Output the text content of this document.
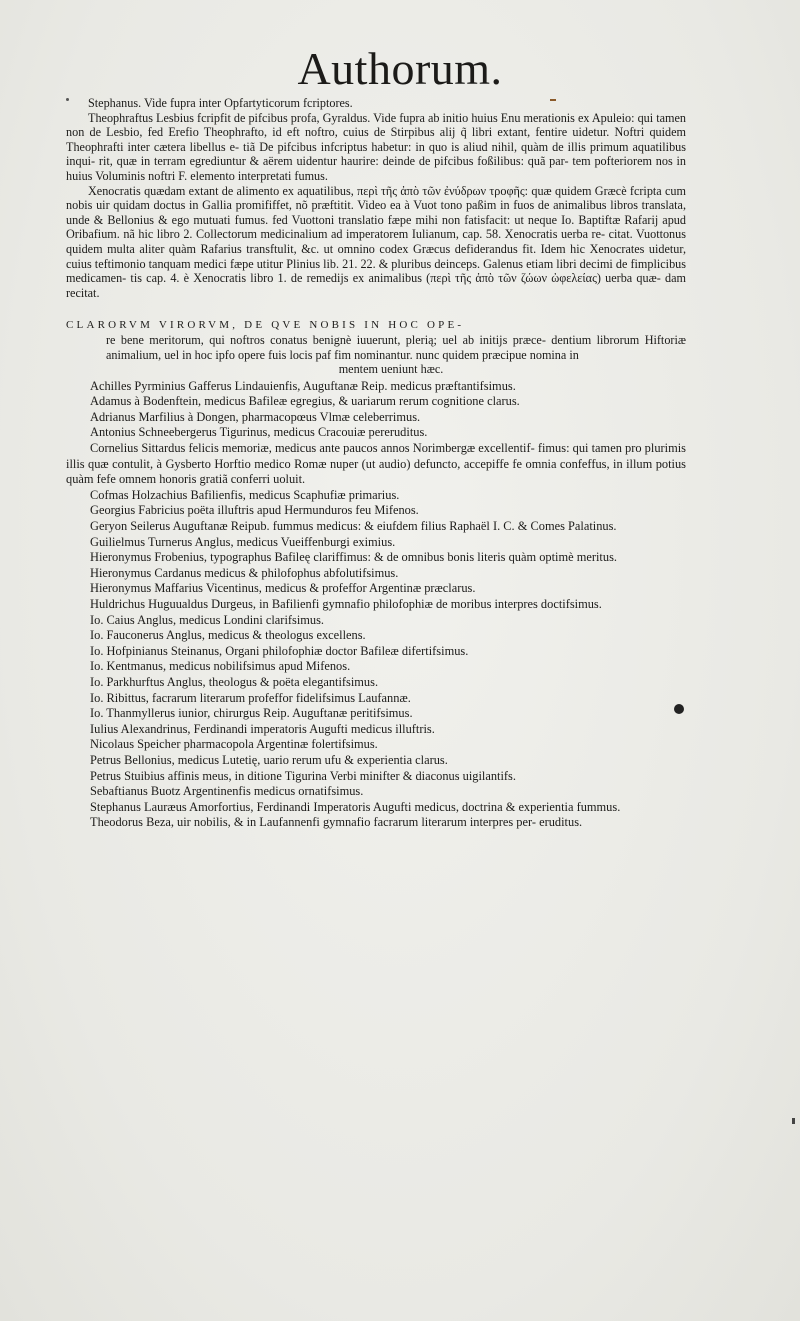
Authorum.

Stephanus. Vide fupra inter Opfartyticorum fcriptores.

Theophraftus Lesbius fcripfit de pifcibus profa, Gyraldus. Vide fupra ab initio huius Enu merationis ex Apuleio: qui tamen non de Lesbio, fed Erefio Theophrafto, id eft noftro, cuius de Stirpibus alij q̃ libri extant, fentire uidetur. Noftri quidem Theophrafti inter cætera libellus e- tiã De pifcibus infcriptus habetur: in quo is aliud nihil, quàm de illis primum aquatilibus inqui- rit, quæ in terram egrediuntur & aërem uidentur haurire: deinde de pifcibus foßilibus: quã par- tem pofteriorem nos in huius Voluminis noftri F. elemento interpretati fumus.

Xenocratis quædam extant de alimento ex aquatilibus, περὶ τῆς ἀπὸ τῶν ἐνύδρων τροφῆς: quæ quidem Græcè fcripta cum nobis uir quidam doctus in Gallia promififfet, nõ præftitit. Video ea à Vuot tono paßim in fuos de animalibus libros translata, unde & Bellonius & ego mutuati fumus. fed Vuottoni translatio fæpe mihi non fatisfacit: ut neque Io. Baptiftæ Rafarij apud Oribafium. nã hic libro 2. Collectorum medicinalium ad imperatorem Iulianum, cap. 58. Xenocratis uerba re- citat. Vuottonus quidem multa aliter quàm Rafarius transftulit, &c. ut omnino codex Græcus defiderandus fit. Idem hic Xenocrates uidetur, cuius teftimonio tanquam medici fæpe utitur Plinius lib. 21. 22. & pluribus deinceps. Galenus etiam libri decimi de fimplicibus medicamen- tis cap. 4. è Xenocratis libro 1. de remedijs ex animalibus (περὶ τῆς ἀπὸ τῶν ζώων ὠφελείας) uerba quæ- dam recitat.

CLARORVM VIRORVM, DE QVE NOBIS IN HOC OPE-
re bene meritorum, qui noftros conatus benignè iuuerunt, plerią; uel ab initijs præce- dentium librorum Hiftoriæ animalium, uel in hoc ipfo opere fuis locis paf fim nominantur. nunc quidem præcipue nomina in
mentem ueniunt hæc.

Achilles Pyrminius Gafferus Lindauienfis, Auguftanæ Reip. medicus præftantifsimus.

Adamus à Bodenftein, medicus Bafileæ egregius, & uariarum rerum cognitione clarus.

Adrianus Marfilius à Dongen, pharmacopœus Vlmæ celeberrimus.

Antonius Schneebergerus Tigurinus, medicus Cracouiæ pereruditus.

Cornelius Sittardus felicis memoriæ, medicus ante paucos annos Norimbergæ excellentif- fimus: qui tamen pro plurimis illis quæ contulit, à Gysberto Horftio medico Romæ nuper (ut audio) defuncto, accepiffe fe omnia confeffus, in illum potius quàm fefe omnem honoris gratiã conferri uoluit.

Cofmas Holzachius Bafilienfis, medicus Scaphufiæ primarius.

Georgius Fabricius poëta illuftris apud Hermunduros feu Mifenos.

Geryon Seilerus Auguftanæ Reipub. fummus medicus: & eiufdem filius Raphaël I. C. & Comes Palatinus.

Guilielmus Turnerus Anglus, medicus Vueiffenburgi eximius.

Hieronymus Frobenius, typographus Bafileę clariffimus: & de omnibus bonis literis quàm optimè meritus.

Hieronymus Cardanus medicus & philofophus abfolutifsimus.

Hieronymus Maffarius Vicentinus, medicus & profeffor Argentinæ præclarus.

Huldrichus Huguualdus Durgeus, in Bafilienfi gymnafio philofophiæ de moribus interpres doctifsimus.

Io. Caius Anglus, medicus Londini clarifsimus.

Io. Fauconerus Anglus, medicus & theologus excellens.

Io. Hofpinianus Steinanus, Organi philofophiæ doctor Bafileæ difertifsimus.

Io. Kentmanus, medicus nobilifsimus apud Mifenos.

Io. Parkhurftus Anglus, theologus & poëta elegantifsimus.

Io. Ribittus, facrarum literarum profeffor fidelifsimus Laufannæ.

Io. Thanmyllerus iunior, chirurgus Reip. Auguftanæ peritifsimus.

Iulius Alexandrinus, Ferdinandi imperatoris Augufti medicus illuftris.

Nicolaus Speicher pharmacopola Argentinæ folertifsimus.

Petrus Bellonius, medicus Lutetię, uario rerum ufu & experientia clarus.

Petrus Stuibius affinis meus, in ditione Tigurina Verbi minifter & diaconus uigilantifs.

Sebaftianus Buotz Argentinenfis medicus ornatifsimus.

Stephanus Lauræus Amorfortius, Ferdinandi Imperatoris Augufti medicus, doctrina & experientia fummus.

Theodorus Beza, uir nobilis, & in Laufannenfi gymnafio facrarum literarum interpres per- eruditus.
